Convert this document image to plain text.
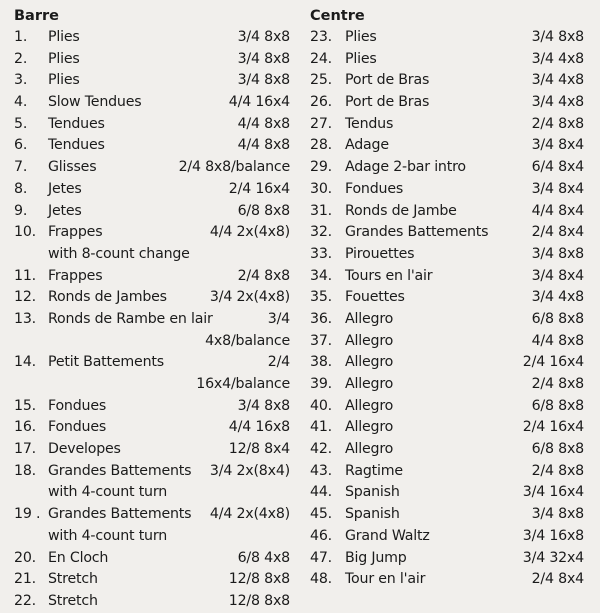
Barre
1. Plies	3/4 8x8
2. Plies	3/4 8x8
3. Plies	3/4 8x8
4. Slow Tendues	4/4 16x4
5. Tendues	4/4 8x8
6. Tendues	4/4 8x8
7. Glisses	2/4 8x8/balance
8. Jetes	2/4 16x4
9. Jetes	6/8 8x8
10. Frappes	4/4 2x(4x8)
with 8-count change
11. Frappes	2/4 8x8
12. Ronds de Jambes	3/4 2x(4x8)
13. Ronds de Rambe en lair	3/4
4x8/balance
14. Petit Battements	2/4
16x4/balance
15. Fondues	3/4 8x8
16. Fondues	4/4 16x8
17. Developes	12/8 8x4
18. Grandes Battements 3/4 2x(8x4)
with 4-count turn
19 . Grandes Battements 4/4 2x(4x8)
with 4-count turn
20. En Cloch	6/8 4x8
21. Stretch	12/8 8x8
22. Stretch	12/8 8x8
Centre
23. Plies	3/4 8x8
24. Plies	3/4 4x8
25. Port de Bras	3/4 4x8
26. Port de Bras	3/4 4x8
27. Tendus	2/4 8x8
28. Adage	3/4 8x4
29. Adage 2-bar intro	6/4 8x4
30. Fondues	3/4 8x4
31. Ronds de Jambe	4/4 8x4
32. Grandes Battements	2/4 8x4
33. Pirouettes	3/4 8x8
34. Tours en l'air	3/4 8x4
35. Fouettes	3/4 4x8
36. Allegro	6/8 8x8
37. Allegro	4/4 8x8
38. Allegro	2/4 16x4
39. Allegro	2/4 8x8
40. Allegro	6/8 8x8
41. Allegro	2/4 16x4
42. Allegro	6/8 8x8
43. Ragtime	2/4 8x8
44. Spanish	3/4 16x4
45. Spanish	3/4 8x8
46. Grand Waltz	3/4 16x8
47. Big Jump	3/4 32x4
48. Tour en l'air	2/4 8x4
